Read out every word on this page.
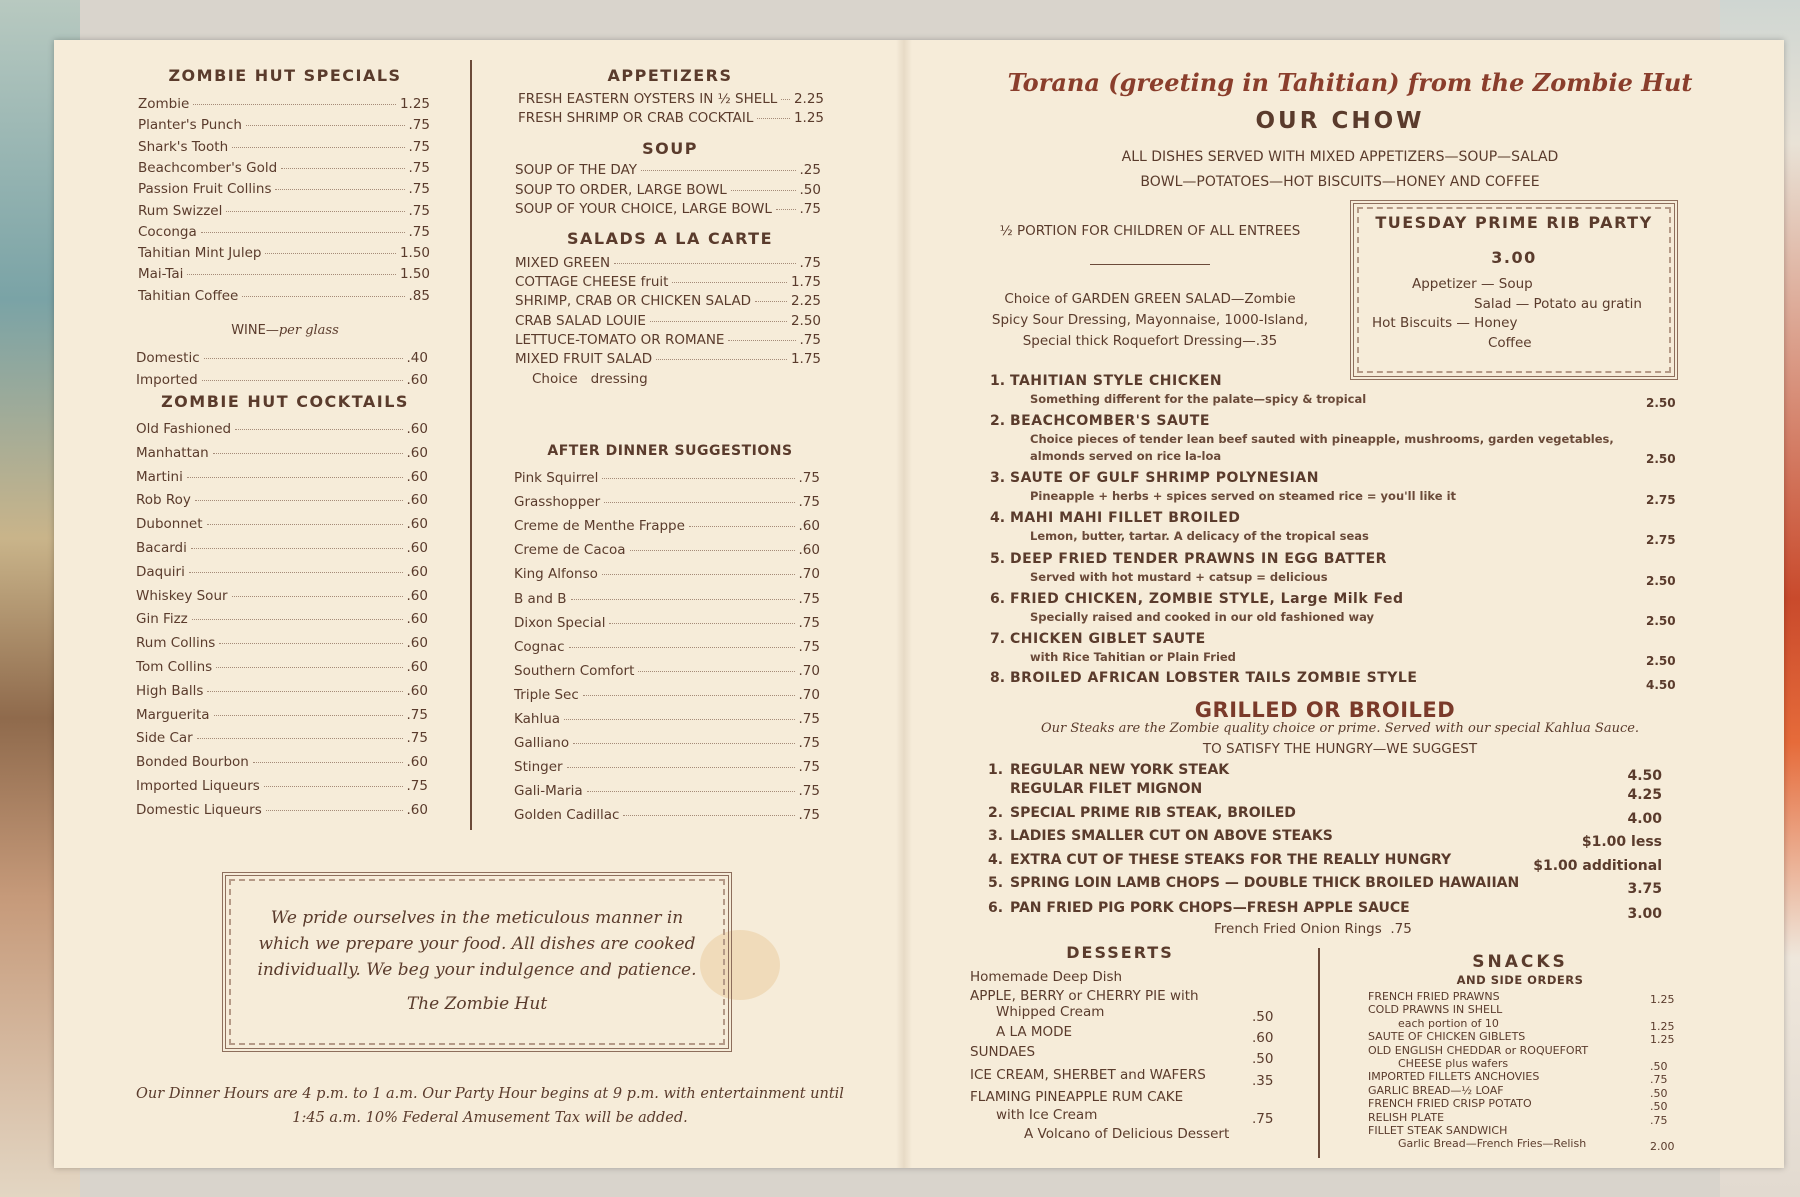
ZOMBIE HUT SPECIALS
Zombie	1.25
Planter's Punch	.75
Shark's Tooth	.75
Beachcomber's Gold	.75
Passion Fruit Collins	.75
Rum Swizzel	.75
Coconga	.75
Tahitian Mint Julep	1.50
Mai-Tai	1.50
Tahitian Coffee	.85
WINE—per glass
Domestic	.40
Imported	.60
ZOMBIE HUT COCKTAILS
Old Fashioned	.60
Manhattan	.60
Martini	.60
Rob Roy	.60
Dubonnet	.60
Bacardi	.60
Daquiri	.60
Whiskey Sour	.60
Gin Fizz	.60
Rum Collins	.60
Tom Collins	.60
High Balls	.60
Marguerita	.75
Side Car	.75
Bonded Bourbon	.60
Imported Liqueurs	.75
Domestic Liqueurs	.60
APPETIZERS
FRESH EASTERN OYSTERS IN ½ SHELL 2.25
FRESH SHRIMP OR CRAB COCKTAIL	1.25
SOUP
SOUP OF THE DAY	.25
SOUP TO ORDER, LARGE BOWL	.50
SOUP OF YOUR CHOICE, LARGE BOWL .75
SALADS A LA CARTE
MIXED GREEN	.75
COTTAGE CHEESE fruit	1.75
SHRIMP, CRAB OR CHICKEN SALAD	2.25
CRAB SALAD LOUIE	2.50
LETTUCE-TOMATO OR ROMANE	.75
MIXED FRUIT SALAD	1.75
Choice   dressing
AFTER DINNER SUGGESTIONS
Pink Squirrel	.75
Grasshopper	.75
Creme de Menthe Frappe	.60
Creme de Cacoa	.60
King Alfonso	.70
B and B	.75
Dixon Special	.75
Cognac	.75
Southern Comfort	.70
Triple Sec	.70
Kahlua	.75
Galliano	.75
Stinger	.75
Gali-Maria	.75
Golden Cadillac	.75
We pride ourselves in the meticulous manner in
which we prepare your food. All dishes are cooked
individually. We beg your indulgence and patience.
The Zombie Hut
Our Dinner Hours are 4 p.m. to 1 a.m. Our Party Hour begins at 9 p.m. with entertainment until
1:45 a.m. 10% Federal Amusement Tax will be added.
Torana (greeting in Tahitian) from the Zombie Hut
OUR CHOW
ALL DISHES SERVED WITH MIXED APPETIZERS—SOUP—SALAD
BOWL—POTATOES—HOT BISCUITS—HONEY AND COFFEE
½ PORTION FOR CHILDREN OF ALL ENTREES
Choice of GARDEN GREEN SALAD—Zombie
Spicy Sour Dressing, Mayonnaise, 1000-Island,
Special thick Roquefort Dressing—.35
TUESDAY PRIME RIB PARTY
3.00
Appetizer — Soup
Salad — Potato au gratin
Hot Biscuits — Honey
Coffee
1. TAHITIAN STYLE CHICKEN
Something different for the palate—spicy & tropical	2.50
2. BEACHCOMBER'S SAUTE
Choice pieces of tender lean beef sauted with pineapple, mushrooms, garden vegetables,
almonds served on rice la-loa	2.50
3. SAUTE OF GULF SHRIMP POLYNESIAN
Pineapple + herbs + spices served on steamed rice = you'll like it	2.75
4. MAHI MAHI FILLET BROILED
Lemon, butter, tartar. A delicacy of the tropical seas	2.75
5. DEEP FRIED TENDER PRAWNS IN EGG BATTER
Served with hot mustard + catsup = delicious	2.50
6. FRIED CHICKEN, ZOMBIE STYLE, Large Milk Fed
Specially raised and cooked in our old fashioned way	2.50
7. CHICKEN GIBLET SAUTE
with Rice Tahitian or Plain Fried	2.50
8. BROILED AFRICAN LOBSTER TAILS ZOMBIE STYLE	4.50
GRILLED OR BROILED
Our Steaks are the Zombie quality choice or prime. Served with our special Kahlua Sauce.
TO SATISFY THE HUNGRY—WE SUGGEST
1. REGULAR NEW YORK STEAK	4.50
REGULAR FILET MIGNON	4.25
2. SPECIAL PRIME RIB STEAK, BROILED	4.00
3. LADIES SMALLER CUT ON ABOVE STEAKS	$1.00 less
4. EXTRA CUT OF THESE STEAKS FOR THE REALLY HUNGRY	$1.00 additional
5. SPRING LOIN LAMB CHOPS — DOUBLE THICK BROILED HAWAIIAN	3.75
6. PAN FRIED PIG PORK CHOPS—FRESH APPLE SAUCE	3.00
French Fried Onion Rings  .75
DESSERTS
Homemade Deep Dish
APPLE, BERRY or CHERRY PIE with
Whipped Cream	.50
A LA MODE	.60
SUNDAES	.50
ICE CREAM, SHERBET and WAFERS	.35
FLAMING PINEAPPLE RUM CAKE
with Ice Cream	.75
A Volcano of Delicious Dessert
SNACKS
AND SIDE ORDERS
FRENCH FRIED PRAWNS	1.25
COLD PRAWNS IN SHELL
each portion of 10	1.25
SAUTE OF CHICKEN GIBLETS	1.25
OLD ENGLISH CHEDDAR or ROQUEFORT
CHEESE plus wafers	.50
IMPORTED FILLETS ANCHOVIES	.75
GARLIC BREAD—½ LOAF	.50
FRENCH FRIED CRISP POTATO	.50
RELISH PLATE	.75
FILLET STEAK SANDWICH
Garlic Bread—French Fries—Relish	2.00
